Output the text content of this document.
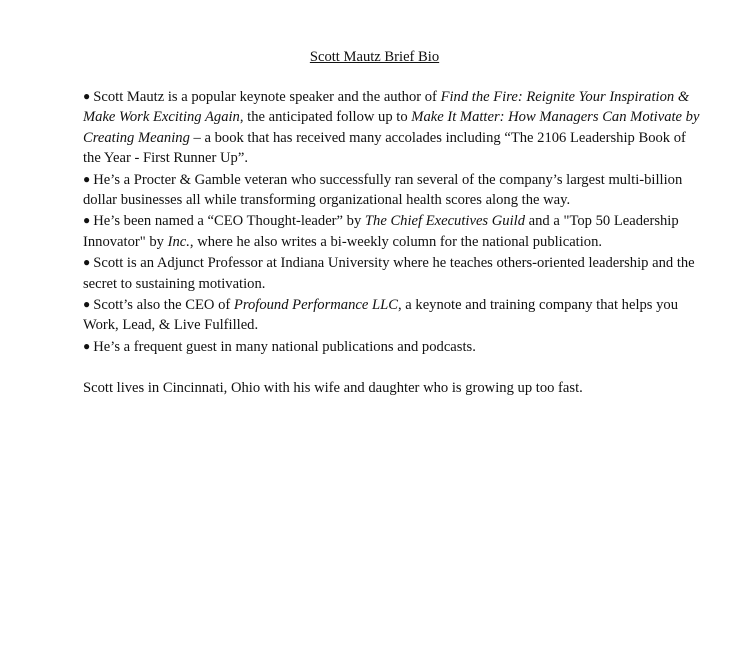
Scott Mautz Brief Bio

● Scott Mautz is a popular keynote speaker and the author of Find the Fire: Reignite Your Inspiration & Make Work Exciting Again, the anticipated follow up to Make It Matter: How Managers Can Motivate by Creating Meaning – a book that has received many accolades including “The 2106 Leadership Book of the Year - First Runner Up”.

● He’s a Procter & Gamble veteran who successfully ran several of the company’s largest multi-billion dollar businesses all while transforming organizational health scores along the way.

● He’s been named a “CEO Thought-leader” by The Chief Executives Guild and a "Top 50 Leadership Innovator" by Inc., where he also writes a bi-weekly column for the national publication.

● Scott is an Adjunct Professor at Indiana University where he teaches others-oriented leadership and the secret to sustaining motivation.

● Scott’s also the CEO of Profound Performance LLC, a keynote and training company that helps you Work, Lead, & Live Fulfilled.

● He’s a frequent guest in many national publications and podcasts.

Scott lives in Cincinnati, Ohio with his wife and daughter who is growing up too fast.
